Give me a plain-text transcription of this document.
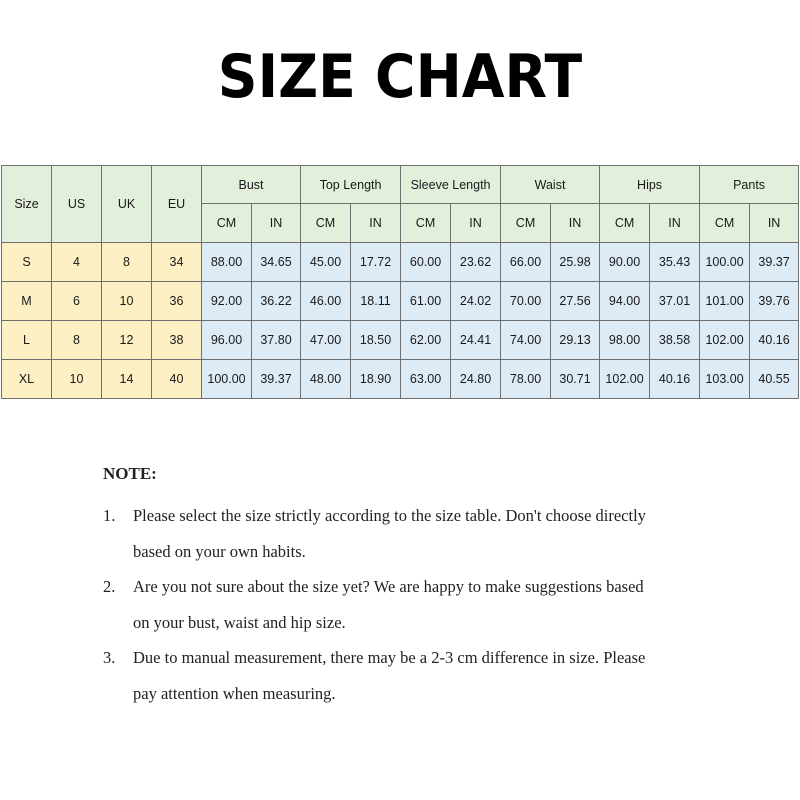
SIZE CHART
Size	US	UK	EU	Bust		Top Length		Sleeve Length		Waist		Hips		Pants	
				CM	IN	CM	IN	CM	IN	CM	IN	CM	IN	CM	IN
S	4	8	34	88.00	34.65	45.00	17.72	60.00	23.62	66.00	25.98	90.00	35.43	100.00	39.37
M	6	10	36	92.00	36.22	46.00	18.11	61.00	24.02	70.00	27.56	94.00	37.01	101.00	39.76
L	8	12	38	96.00	37.80	47.00	18.50	62.00	24.41	74.00	29.13	98.00	38.58	102.00	40.16
XL	10	14	40	100.00	39.37	48.00	18.90	63.00	24.80	78.00	30.71	102.00	40.16	103.00	40.55
NOTE:
1. Please select the size strictly according to the size table. Don't choose directly
based on your own habits.
2. Are you not sure about the size yet? We are happy to make suggestions based
on your bust, waist and hip size.
3. Due to manual measurement, there may be a 2-3 cm difference in size. Please
pay attention when measuring.
